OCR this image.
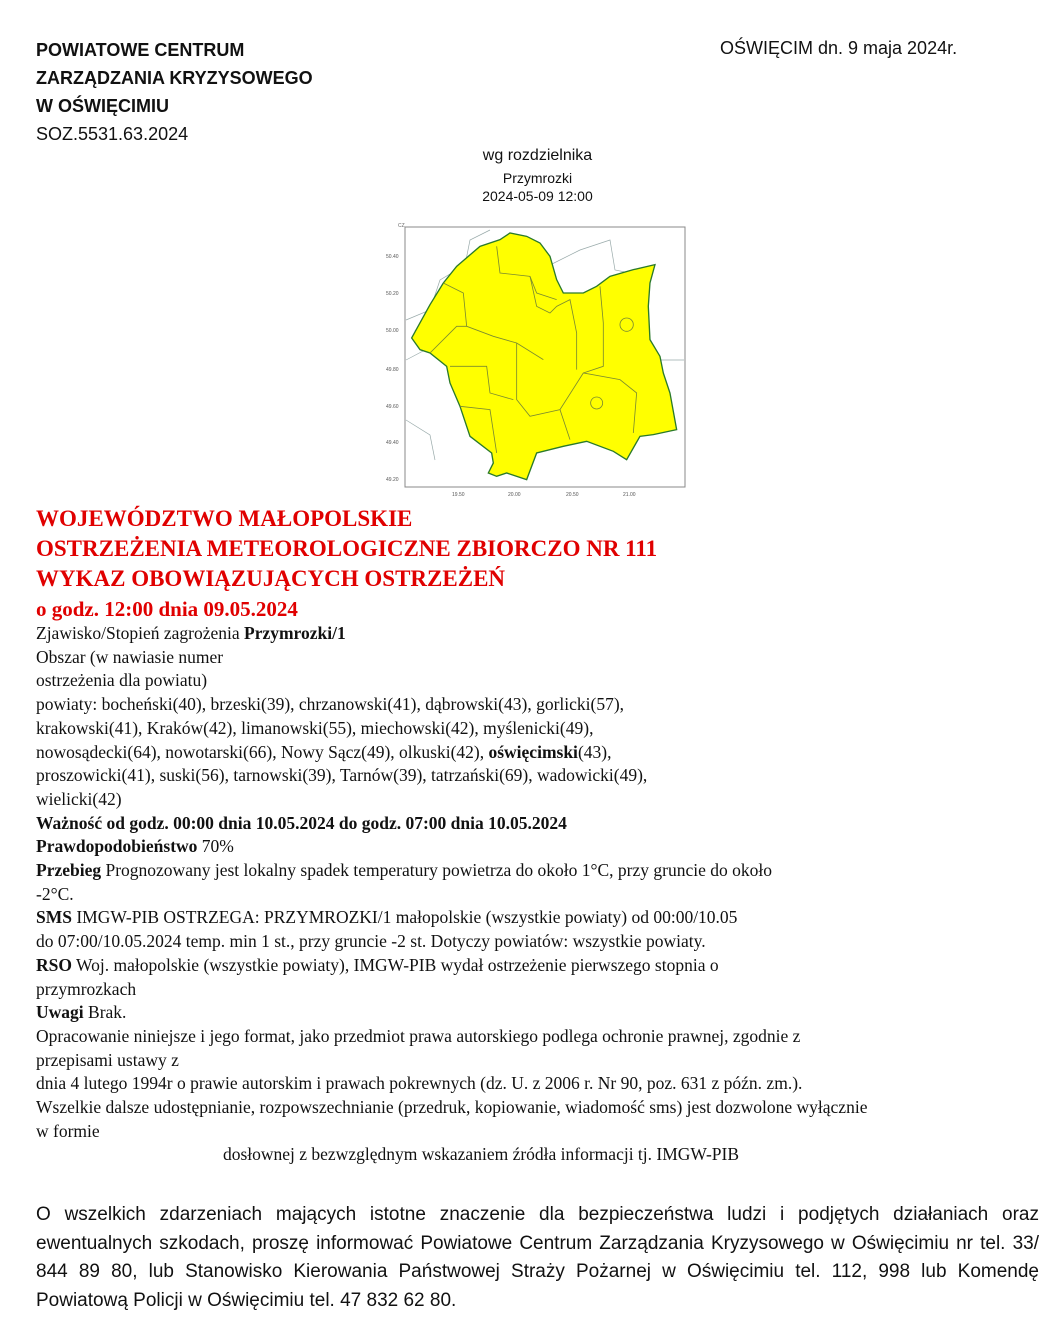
POWIATOWE CENTRUM
ZARZĄDZANIA KRYZYSOWEGO
W OŚWIĘCIMIU
SOZ.5531.63.2024
OŚWIĘCIM dn. 9 maja 2024r.
wg rozdzielnika
Przymrozki
2024-05-09 12:00
CZ
50.40
50.20
50.00
49.80
49.60
49.40
49.20
19.50	20.00	20.50	21.00
WOJEWÓDZTWO MAŁOPOLSKIE
OSTRZEŻENIA METEOROLOGICZNE ZBIORCZO NR 111
WYKAZ OBOWIĄZUJĄCYCH OSTRZEŻEŃ
o godz. 12:00 dnia 09.05.2024
Zjawisko/Stopień zagrożenia Przymrozki/1
Obszar (w nawiasie numer
ostrzeżenia dla powiatu)
powiaty: bocheński(40), brzeski(39), chrzanowski(41), dąbrowski(43), gorlicki(57),
krakowski(41), Kraków(42), limanowski(55), miechowski(42), myślenicki(49),
nowosądecki(64), nowotarski(66), Nowy Sącz(49), olkuski(42), oświęcimski(43),
proszowicki(41), suski(56), tarnowski(39), Tarnów(39), tatrzański(69), wadowicki(49),
wielicki(42)
Ważność od godz. 00:00 dnia 10.05.2024 do godz. 07:00 dnia 10.05.2024
Prawdopodobieństwo 70%
Przebieg Prognozowany jest lokalny spadek temperatury powietrza do około 1°C, przy gruncie do około
-2°C.
SMS IMGW-PIB OSTRZEGA: PRZYMROZKI/1 małopolskie (wszystkie powiaty) od 00:00/10.05
do 07:00/10.05.2024 temp. min 1 st., przy gruncie -2 st. Dotyczy powiatów: wszystkie powiaty.
RSO Woj. małopolskie (wszystkie powiaty), IMGW-PIB wydał ostrzeżenie pierwszego stopnia o
przymrozkach
Uwagi Brak.
Opracowanie niniejsze i jego format, jako przedmiot prawa autorskiego podlega ochronie prawnej, zgodnie z
przepisami ustawy z
dnia 4 lutego 1994r o prawie autorskim i prawach pokrewnych (dz. U. z 2006 r. Nr 90, poz. 631 z późn. zm.).
Wszelkie dalsze udostępnianie, rozpowszechnianie (przedruk, kopiowanie, wiadomość sms) jest dozwolone wyłącznie
w formie
dosłownej z bezwzględnym wskazaniem źródła informacji tj. IMGW-PIB
O wszelkich zdarzeniach mających istotne znaczenie dla bezpieczeństwa ludzi i podjętych działaniach oraz ewentualnych szkodach, proszę informować Powiatowe Centrum Zarządzania Kryzysowego w Oświęcimiu nr tel. 33/ 844 89 80, lub Stanowisko Kierowania Państwowej Straży Pożarnej w Oświęcimiu tel. 112, 998 lub Komendę Powiatową Policji w Oświęcimiu tel. 47 832 62 80.
